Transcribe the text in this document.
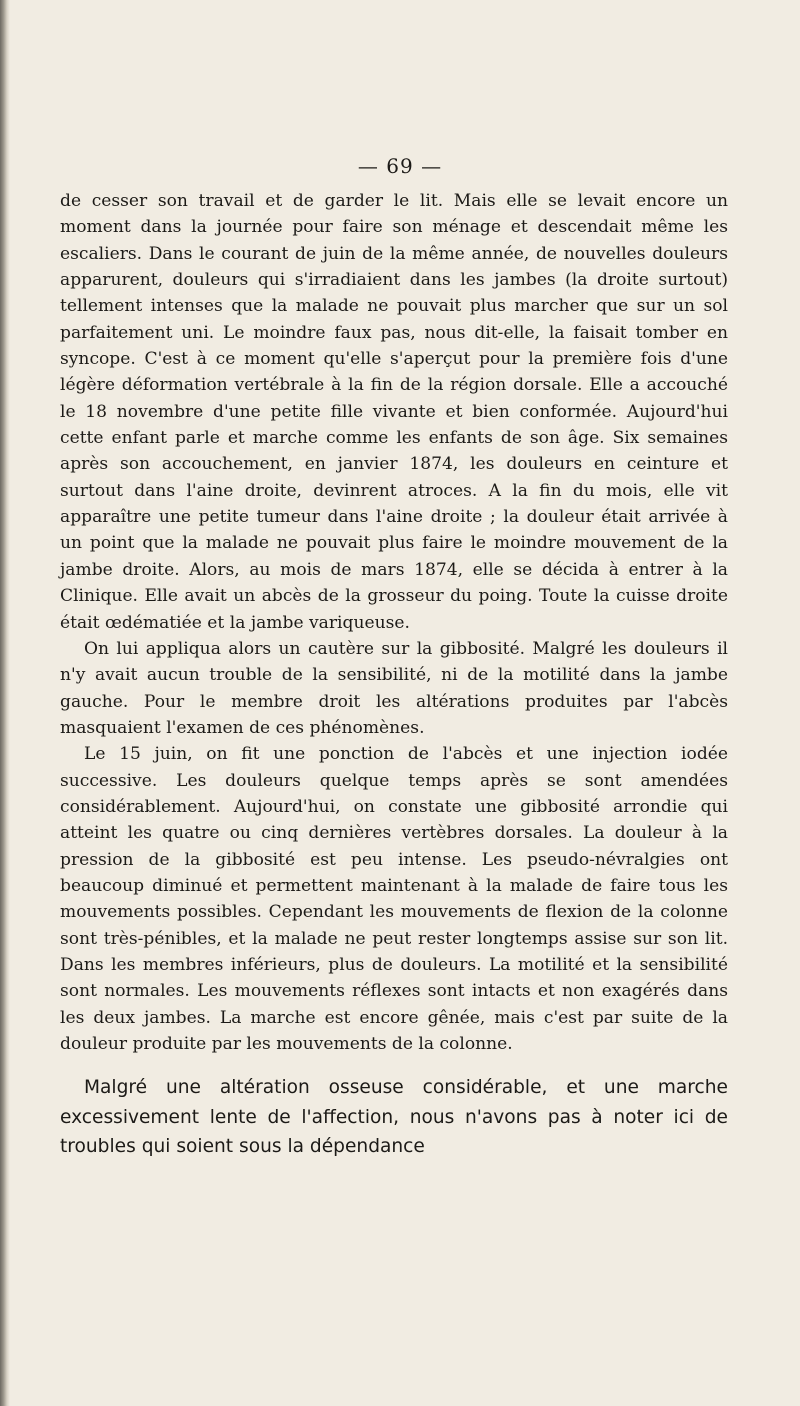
— 69 —

de cesser son travail et de garder le lit. Mais elle se levait encore un moment dans la journée pour faire son ménage et descendait même les escaliers. Dans le courant de juin de la même année, de nouvelles douleurs apparurent, douleurs qui s'irradiaient dans les jambes (la droite surtout) tellement intenses que la malade ne pouvait plus marcher que sur un sol parfaitement uni. Le moindre faux pas, nous dit-elle, la faisait tomber en syncope. C'est à ce moment qu'elle s'aperçut pour la première fois d'une légère déformation vertébrale à la fin de la région dorsale. Elle a accouché le 18 novembre d'une petite fille vivante et bien conformée. Aujourd'hui cette enfant parle et marche comme les enfants de son âge. Six semaines après son accouchement, en janvier 1874, les douleurs en ceinture et surtout dans l'aine droite, devinrent atroces. A la fin du mois, elle vit apparaître une petite tumeur dans l'aine droite ; la douleur était arrivée à un point que la malade ne pouvait plus faire le moindre mouvement de la jambe droite. Alors, au mois de mars 1874, elle se décida à entrer à la Clinique. Elle avait un abcès de la grosseur du poing. Toute la cuisse droite était œdématiée et la jambe variqueuse.

On lui appliqua alors un cautère sur la gibbosité. Malgré les douleurs il n'y avait aucun trouble de la sensibilité, ni de la motilité dans la jambe gauche. Pour le membre droit les altérations produites par l'abcès masquaient l'examen de ces phénomènes.

Le 15 juin, on fit une ponction de l'abcès et une injection iodée successive. Les douleurs quelque temps après se sont amendées considérablement. Aujourd'hui, on constate une gibbosité arrondie qui atteint les quatre ou cinq dernières vertèbres dorsales. La douleur à la pression de la gibbosité est peu intense. Les pseudo-névralgies ont beaucoup diminué et permettent maintenant à la malade de faire tous les mouvements possibles. Cependant les mouvements de flexion de la colonne sont très-pénibles, et la malade ne peut rester longtemps assise sur son lit. Dans les membres inférieurs, plus de douleurs. La motilité et la sensibilité sont normales. Les mouvements réflexes sont intacts et non exagérés dans les deux jambes. La marche est encore gênée, mais c'est par suite de la douleur produite par les mouvements de la colonne.

Malgré une altération osseuse considérable, et une marche excessivement lente de l'affection, nous n'avons pas à noter ici de troubles qui soient sous la dépendance
